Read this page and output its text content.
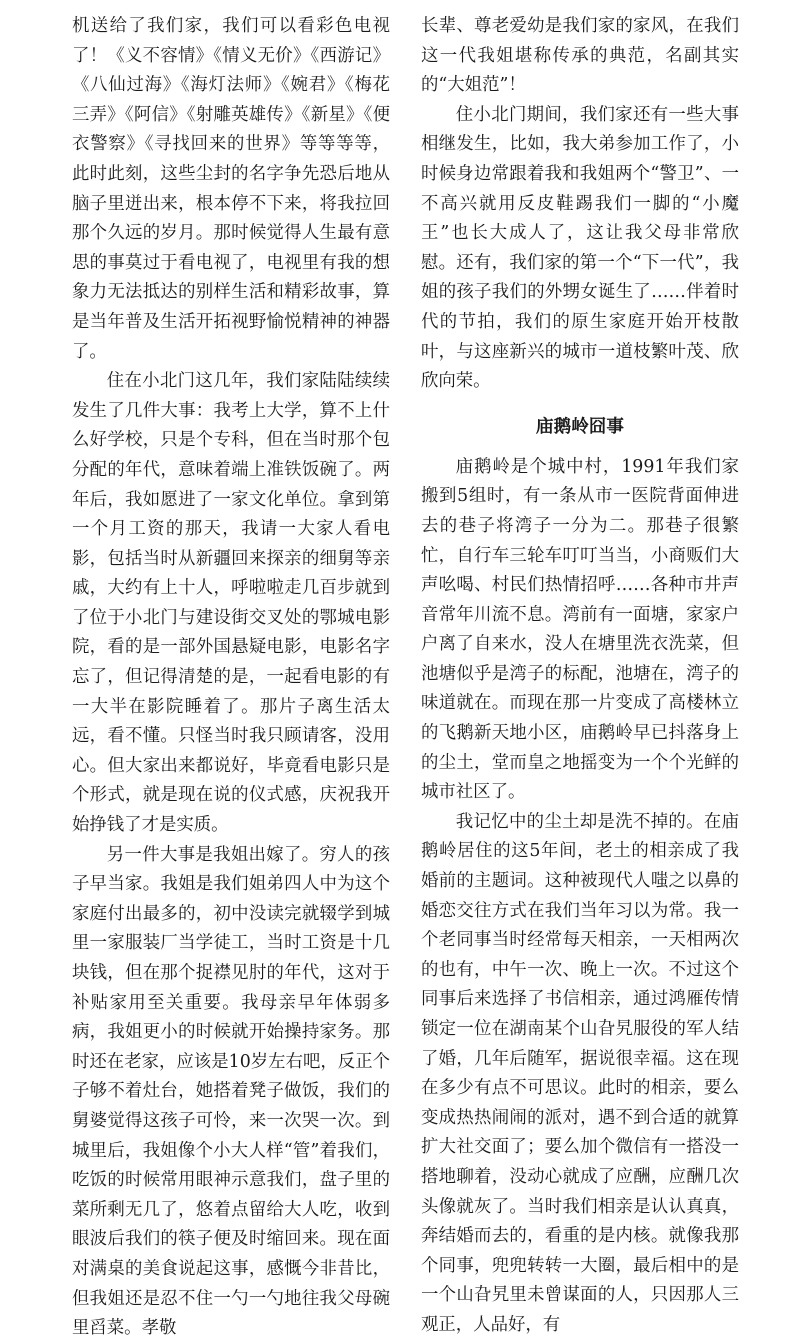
机送给了我们家，我们可以看彩色电视了！《义不容情》《情义无价》《西游记》《八仙过海》《海灯法师》《婉君》《梅花三弄》《阿信》《射雕英雄传》《新星》《便衣警察》《寻找回来的世界》等等等等，此时此刻，这些尘封的名字争先恐后地从脑子里迸出来，根本停不下来，将我拉回那个久远的岁月。那时候觉得人生最有意思的事莫过于看电视了，电视里有我的想象力无法抵达的别样生活和精彩故事，算是当年普及生活开拓视野愉悦精神的神器了。

住在小北门这几年，我们家陆陆续续发生了几件大事：我考上大学，算不上什么好学校，只是个专科，但在当时那个包分配的年代，意味着端上准铁饭碗了。两年后，我如愿进了一家文化单位。拿到第一个月工资的那天，我请一大家人看电影，包括当时从新疆回来探亲的细舅等亲戚，大约有上十人，呼啦啦走几百步就到了位于小北门与建设街交叉处的鄂城电影院，看的是一部外国悬疑电影，电影名字忘了，但记得清楚的是，一起看电影的有一大半在影院睡着了。那片子离生活太远，看不懂。只怪当时我只顾请客，没用心。但大家出来都说好，毕竟看电影只是个形式，就是现在说的仪式感，庆祝我开始挣钱了才是实质。

另一件大事是我姐出嫁了。穷人的孩子早当家。我姐是我们姐弟四人中为这个家庭付出最多的，初中没读完就辍学到城里一家服装厂当学徒工，当时工资是十几块钱，但在那个捉襟见肘的年代，这对于补贴家用至关重要。我母亲早年体弱多病，我姐更小的时候就开始操持家务。那时还在老家，应该是10岁左右吧，反正个子够不着灶台，她搭着凳子做饭，我们的舅婆觉得这孩子可怜，来一次哭一次。到城里后，我姐像个小大人样“管”着我们，吃饭的时候常用眼神示意我们，盘子里的菜所剩无几了，悠着点留给大人吃，收到眼波后我们的筷子便及时缩回来。现在面对满桌的美食说起这事，感慨今非昔比，但我姐还是忍不住一勺一勺地往我父母碗里舀菜。孝敬

长辈、尊老爱幼是我们家的家风，在我们这一代我姐堪称传承的典范，名副其实的“大姐范”！

住小北门期间，我们家还有一些大事相继发生，比如，我大弟参加工作了，小时候身边常跟着我和我姐两个“警卫”、一不高兴就用反皮鞋踢我们一脚的“小魔王”也长大成人了，这让我父母非常欣慰。还有，我们家的第一个“下一代”，我姐的孩子我们的外甥女诞生了……伴着时代的节拍，我们的原生家庭开始开枝散叶，与这座新兴的城市一道枝繁叶茂、欣欣向荣。

庙鹅岭囧事

庙鹅岭是个城中村，1991年我们家搬到5组时，有一条从市一医院背面伸进去的巷子将湾子一分为二。那巷子很繁忙，自行车三轮车叮叮当当，小商贩们大声吆喝、村民们热情招呼……各种市井声音常年川流不息。湾前有一面塘，家家户户离了自来水，没人在塘里洗衣洗菜，但池塘似乎是湾子的标配，池塘在，湾子的味道就在。而现在那一片变成了高楼林立的飞鹅新天地小区，庙鹅岭早已抖落身上的尘土，堂而皇之地摇变为一个个光鲜的城市社区了。

我记忆中的尘土却是洗不掉的。在庙鹅岭居住的这5年间，老土的相亲成了我婚前的主题词。这种被现代人嗤之以鼻的婚恋交往方式在我们当年习以为常。我一个老同事当时经常每天相亲，一天相两次的也有，中午一次、晚上一次。不过这个同事后来选择了书信相亲，通过鸿雁传情锁定一位在湖南某个山旮旯服役的军人结了婚，几年后随军，据说很幸福。这在现在多少有点不可思议。此时的相亲，要么变成热热闹闹的派对，遇不到合适的就算扩大社交面了；要么加个微信有一搭没一搭地聊着，没动心就成了应酬，应酬几次头像就灰了。当时我们相亲是认认真真，奔结婚而去的，看重的是内核。就像我那个同事，兜兜转转一大圈，最后相中的是一个山旮旯里未曾谋面的人，只因那人三观正，人品好，有
